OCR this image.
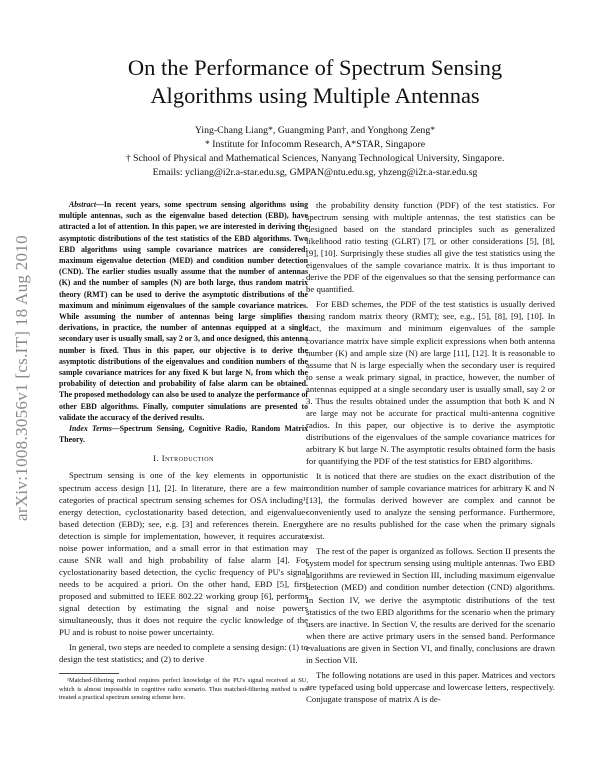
arXiv:1008.3056v1 [cs.IT] 18 Aug 2010
On the Performance of Spectrum Sensing
Algorithms using Multiple Antennas
Ying-Chang Liang*, Guangming Pan†, and Yonghong Zeng*
* Institute for Infocomm Research, A*STAR, Singapore
† School of Physical and Mathematical Sciences, Nanyang Technological University, Singapore.
Emails: ycliang@i2r.a-star.edu.sg, GMPAN@ntu.edu.sg, yhzeng@i2r.a-star.edu.sg

Abstract—In recent years, some spectrum sensing algorithms using multiple antennas, such as the eigenvalue based detection (EBD), have attracted a lot of attention. In this paper, we are interested in deriving the asymptotic distributions of the test statistics of the EBD algorithms. Two EBD algorithms using sample covariance matrices are considered: maximum eigenvalue detection (MED) and condition number detection (CND). The earlier studies usually assume that the number of antennas (K) and the number of samples (N) are both large, thus random matrix theory (RMT) can be used to derive the asymptotic distributions of the maximum and minimum eigenvalues of the sample covariance matrices. While assuming the number of antennas being large simplifies the derivations, in practice, the number of antennas equipped at a single secondary user is usually small, say 2 or 3, and once designed, this antenna number is fixed. Thus in this paper, our objective is to derive the asymptotic distributions of the eigenvalues and condition numbers of the sample covariance matrices for any fixed K but large N, from which the probability of detection and probability of false alarm can be obtained. The proposed methodology can also be used to analyze the performance of other EBD algorithms. Finally, computer simulations are presented to validate the accuracy of the derived results.

Index Terms—Spectrum Sensing, Cognitive Radio, Random Matrix Theory.

I. Introduction

Spectrum sensing is one of the key elements in opportunistic spectrum access design [1], [2]. In literature, there are a few main categories of practical spectrum sensing schemes for OSA including¹: energy detection, cyclostationarity based detection, and eigenvalue-based detection (EBD); see, e.g. [3] and references therein. Energy detection is simple for implementation, however, it requires accurate noise power information, and a small error in that estimation may cause SNR wall and high probability of false alarm [4]. For cyclostationarity based detection, the cyclic frequency of PU's signal needs to be acquired a priori. On the other hand, EBD [5], first proposed and submitted to IEEE 802.22 working group [6], performs signal detection by estimating the signal and noise powers simultaneously, thus it does not require the cyclic knowledge of the PU and is robust to noise power uncertainty.

In general, two steps are needed to complete a sensing design: (1) to design the test statistics; and (2) to derive

¹Matched-filtering method requires perfect knowledge of the PU's signal received at SU, which is almost impossible in cognitive radio scenario. Thus matched-filtering method is not treated a practical spectrum sensing scheme here.

the probability density function (PDF) of the test statistics. For spectrum sensing with multiple antennas, the test statistics can be designed based on the standard principles such as generalized likelihood ratio testing (GLRT) [7], or other considerations [5], [8], [9], [10]. Surprisingly these studies all give the test statistics using the eigenvalues of the sample covariance matrix. It is thus important to derive the PDF of the eigenvalues so that the sensing performance can be quantified.

For EBD schemes, the PDF of the test statistics is usually derived using random matrix theory (RMT); see, e.g., [5], [8], [9], [10]. In fact, the maximum and minimum eigenvalues of the sample covariance matrix have simple explicit expressions when both antenna number (K) and ample size (N) are large [11], [12]. It is reasonable to assume that N is large especially when the secondary user is required to sense a weak primary signal, in practice, however, the number of antennas equipped at a single secondary user is usually small, say 2 or 3. Thus the results obtained under the assumption that both K and N are large may not be accurate for practical multi-antenna cognitive radios. In this paper, our objective is to derive the asymptotic distributions of the eigenvalues of the sample covariance matrices for arbitrary K but large N. The asymptotic results obtained form the basis for quantifying the PDF of the test statistics for EBD algorithms.

It is noticed that there are studies on the exact distribution of the condition number of sample covariance matrices for arbitrary K and N [13], the formulas derived however are complex and cannot be conveniently used to analyze the sensing performance. Furthermore, there are no results published for the case when the primary signals exist.

The rest of the paper is organized as follows. Section II presents the system model for spectrum sensing using multiple antennas. Two EBD algorithms are reviewed in Section III, including maximum eigenvalue detection (MED) and condition number detection (CND) algorithms. In Section IV, we derive the asymptotic distributions of the test statistics of the two EBD algorithms for the scenario when the primary users are inactive. In Section V, the results are derived for the scenario when there are active primary users in the sensed band. Performance evaluations are given in Section VI, and finally, conclusions are drawn in Section VII.

The following notations are used in this paper. Matrices and vectors are typefaced using bold uppercase and lowercase letters, respectively. Conjugate transpose of matrix A is de-
